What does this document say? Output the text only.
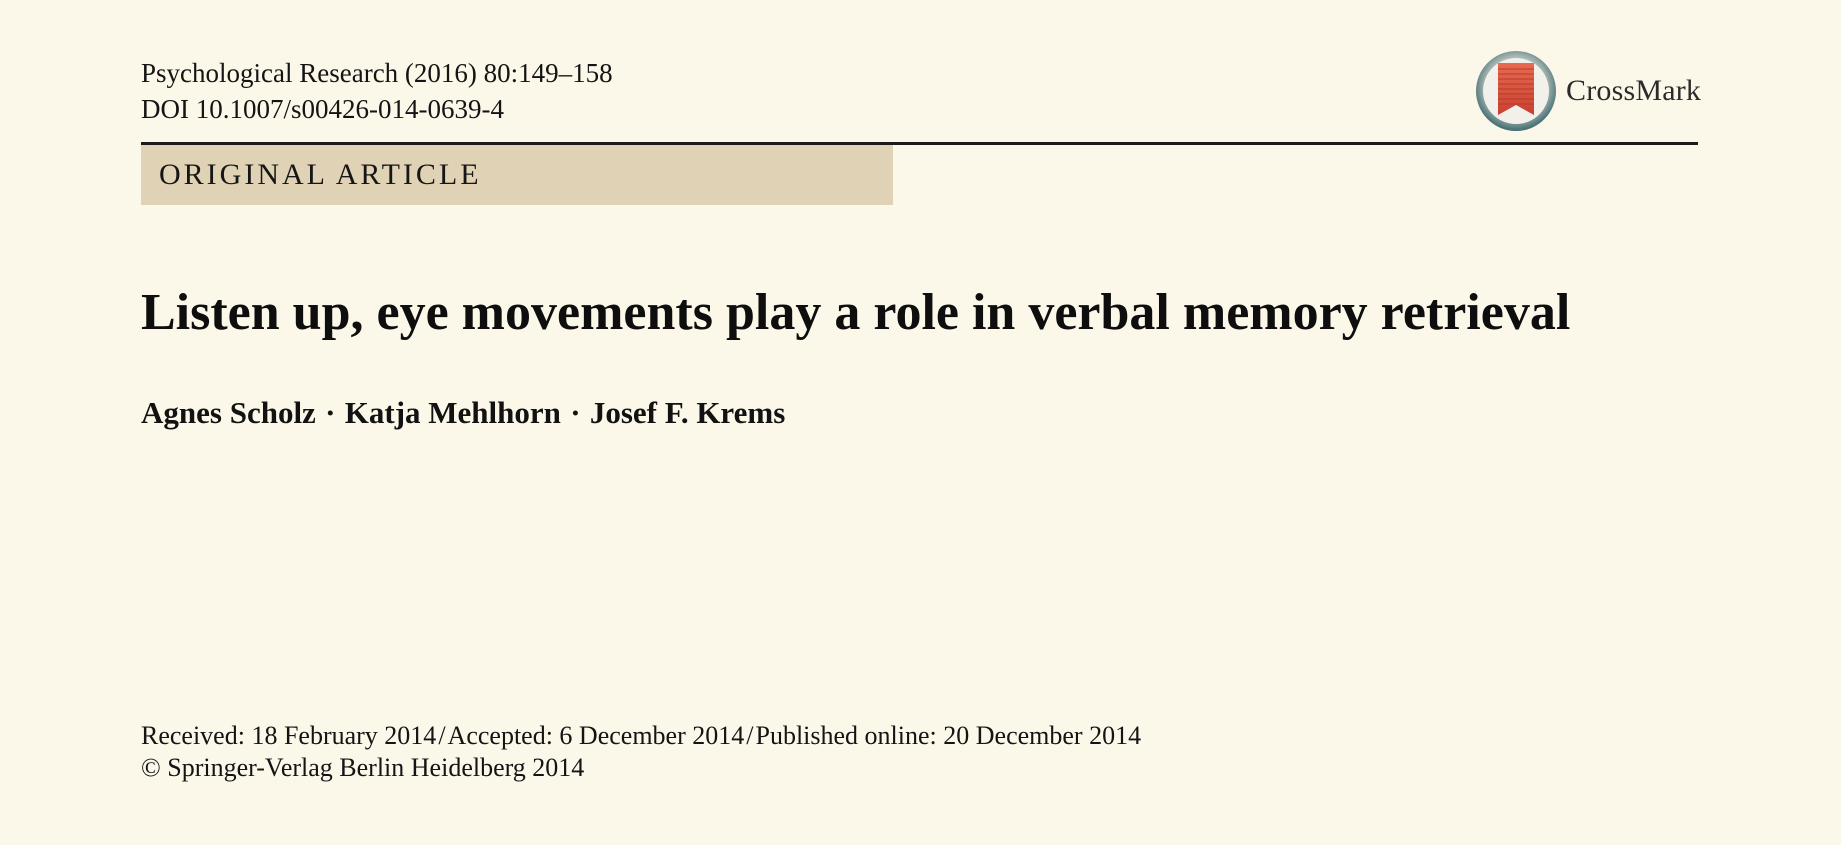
Psychological Research (2016) 80:149–158
DOI 10.1007/s00426-014-0639-4
CrossMark
ORIGINAL ARTICLE
Listen up, eye movements play a role in verbal memory retrieval
Agnes Scholz · Katja Mehlhorn · Josef F. Krems
Received: 18 February 2014/Accepted: 6 December 2014/Published online: 20 December 2014
© Springer-Verlag Berlin Heidelberg 2014
